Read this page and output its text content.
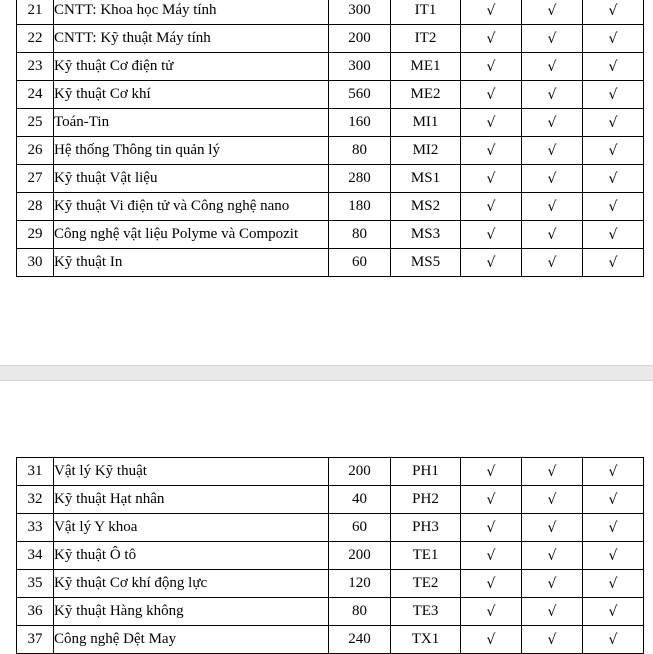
21	CNTT: Khoa học Máy tính	300	IT1	√	√	√
22	CNTT: Kỹ thuật Máy tính	200	IT2	√	√	√
23	Kỹ thuật Cơ điện tử	300	ME1	√	√	√
24	Kỹ thuật Cơ khí	560	ME2	√	√	√
25	Toán-Tin	160	MI1	√	√	√
26	Hệ thống Thông tin quản lý	80	MI2	√	√	√
27	Kỹ thuật Vật liệu	280	MS1	√	√	√
28	Kỹ thuật Vi điện tử và Công nghệ nano	180	MS2	√	√	√
29	Công nghệ vật liệu Polyme và Compozit	80	MS3	√	√	√
30	Kỹ thuật In	60	MS5	√	√	√
31	Vật lý Kỹ thuật	200	PH1	√	√	√
32	Kỹ thuật Hạt nhân	40	PH2	√	√	√
33	Vật lý Y khoa	60	PH3	√	√	√
34	Kỹ thuật Ô tô	200	TE1	√	√	√
35	Kỹ thuật Cơ khí động lực	120	TE2	√	√	√
36	Kỹ thuật Hàng không	80	TE3	√	√	√
37	Công nghệ Dệt May	240	TX1	√	√	√
